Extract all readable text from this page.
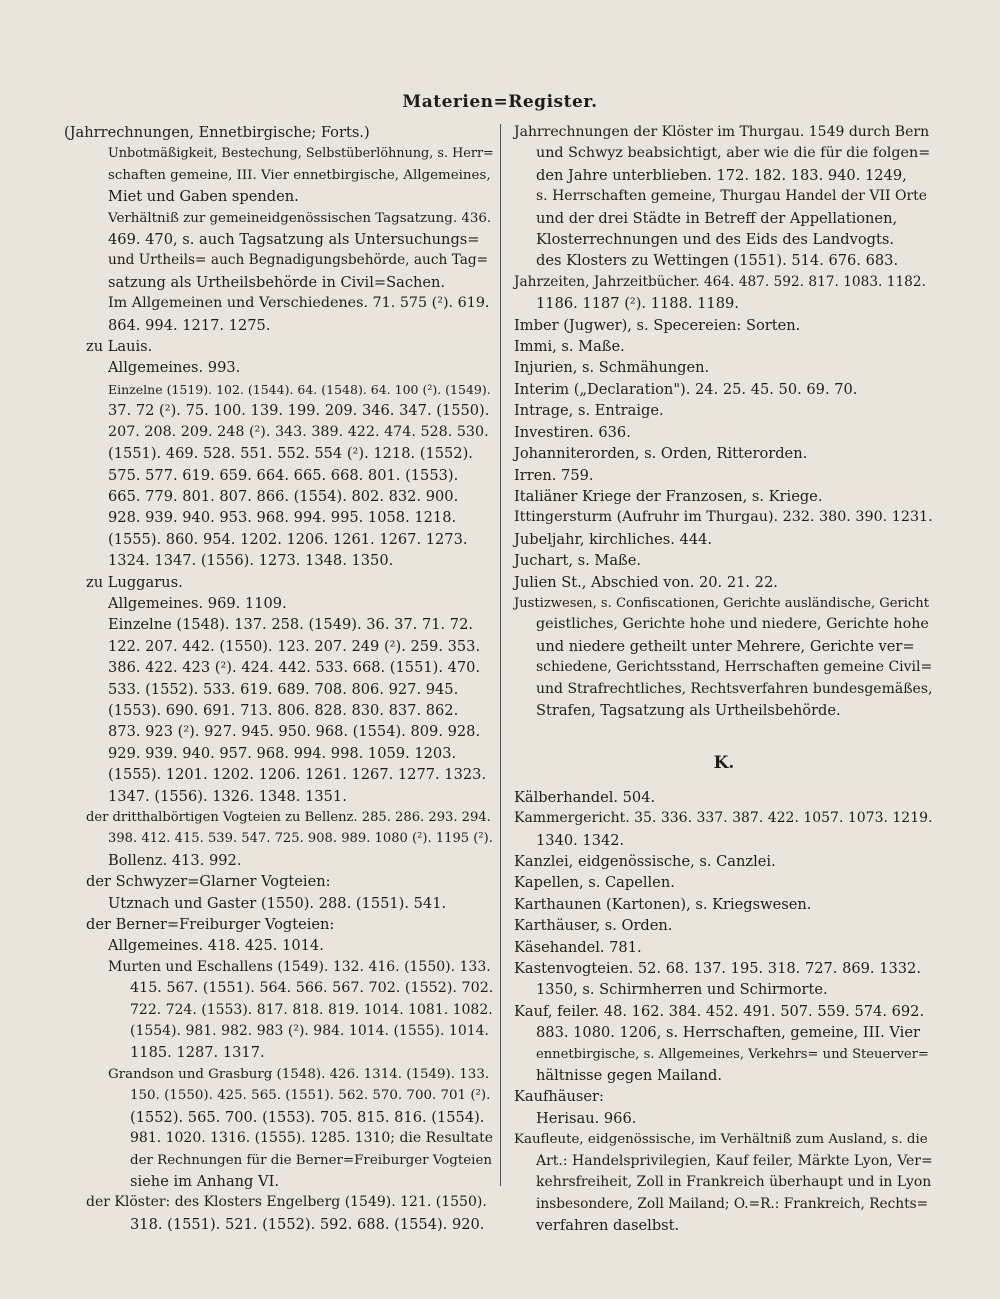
Materien=Register.
(Jahrrechnungen, Ennetbirgische; Forts.)
Unbotmäßigkeit, Bestechung, Selbstüberlöhnung, s. Herr=
schaften gemeine, III. Vier ennetbirgische, Allgemeines,
Miet und Gaben spenden.
Verhältniß zur gemeineidgenössischen Tagsatzung. 436.
469. 470, s. auch Tagsatzung als Untersuchungs=
und Urtheils= auch Begnadigungsbehörde, auch Tag=
satzung als Urtheilsbehörde in Civil=Sachen.
Im Allgemeinen und Verschiedenes. 71. 575 (²). 619.
864. 994. 1217. 1275.
zu Lauis.
Allgemeines. 993.
Einzelne (1519). 102. (1544). 64. (1548). 64. 100 (²). (1549).
37. 72 (²). 75. 100. 139. 199. 209. 346. 347. (1550).
207. 208. 209. 248 (²). 343. 389. 422. 474. 528. 530.
(1551). 469. 528. 551. 552. 554 (²). 1218. (1552).
575. 577. 619. 659. 664. 665. 668. 801. (1553).
665. 779. 801. 807. 866. (1554). 802. 832. 900.
928. 939. 940. 953. 968. 994. 995. 1058. 1218.
(1555). 860. 954. 1202. 1206. 1261. 1267. 1273.
1324. 1347. (1556). 1273. 1348. 1350.
zu Luggarus.
Allgemeines. 969. 1109.
Einzelne (1548). 137. 258. (1549). 36. 37. 71. 72.
122. 207. 442. (1550). 123. 207. 249 (²). 259. 353.
386. 422. 423 (²). 424. 442. 533. 668. (1551). 470.
533. (1552). 533. 619. 689. 708. 806. 927. 945.
(1553). 690. 691. 713. 806. 828. 830. 837. 862.
873. 923 (²). 927. 945. 950. 968. (1554). 809. 928.
929. 939. 940. 957. 968. 994. 998. 1059. 1203.
(1555). 1201. 1202. 1206. 1261. 1267. 1277. 1323.
1347. (1556). 1326. 1348. 1351.
der dritthalbörtigen Vogteien zu Bellenz. 285. 286. 293. 294.
398. 412. 415. 539. 547. 725. 908. 989. 1080 (²). 1195 (²).
Bollenz. 413. 992.
der Schwyzer=Glarner Vogteien:
Utznach und Gaster (1550). 288. (1551). 541.
der Berner=Freiburger Vogteien:
Allgemeines. 418. 425. 1014.
Murten und Eschallens (1549). 132. 416. (1550). 133.
415. 567. (1551). 564. 566. 567. 702. (1552). 702.
722. 724. (1553). 817. 818. 819. 1014. 1081. 1082.
(1554). 981. 982. 983 (²). 984. 1014. (1555). 1014.
1185. 1287. 1317.
Grandson und Grasburg (1548). 426. 1314. (1549). 133.
150. (1550). 425. 565. (1551). 562. 570. 700. 701 (²).
(1552). 565. 700. (1553). 705. 815. 816. (1554).
981. 1020. 1316. (1555). 1285. 1310; die Resultate
der Rechnungen für die Berner=Freiburger Vogteien
siehe im Anhang VI.
der Klöster: des Klosters Engelberg (1549). 121. (1550).
318. (1551). 521. (1552). 592. 688. (1554). 920.
Jahrrechnungen der Klöster im Thurgau. 1549 durch Bern
und Schwyz beabsichtigt, aber wie die für die folgen=
den Jahre unterblieben. 172. 182. 183. 940. 1249,
s. Herrschaften gemeine, Thurgau Handel der VII Orte
und der drei Städte in Betreff der Appellationen,
Klosterrechnungen und des Eids des Landvogts.
des Klosters zu Wettingen (1551). 514. 676. 683.
Jahrzeiten, Jahrzeitbücher. 464. 487. 592. 817. 1083. 1182.
1186. 1187 (²). 1188. 1189.
Imber (Jugwer), s. Specereien: Sorten.
Immi, s. Maße.
Injurien, s. Schmähungen.
Interim („Declaration"). 24. 25. 45. 50. 69. 70.
Intrage, s. Entraige.
Investiren. 636.
Johanniterorden, s. Orden, Ritterorden.
Irren. 759.
Italiäner Kriege der Franzosen, s. Kriege.
Ittingersturm (Aufruhr im Thurgau). 232. 380. 390. 1231.
Jubeljahr, kirchliches. 444.
Juchart, s. Maße.
Julien St., Abschied von. 20. 21. 22.
Justizwesen, s. Confiscationen, Gerichte ausländische, Gericht
geistliches, Gerichte hohe und niedere, Gerichte hohe
und niedere getheilt unter Mehrere, Gerichte ver=
schiedene, Gerichtsstand, Herrschaften gemeine Civil=
und Strafrechtliches, Rechtsverfahren bundesgemäßes,
Strafen, Tagsatzung als Urtheilsbehörde.
K.
Kälberhandel. 504.
Kammergericht. 35. 336. 337. 387. 422. 1057. 1073. 1219.
1340. 1342.
Kanzlei, eidgenössische, s. Canzlei.
Kapellen, s. Capellen.
Karthaunen (Kartonen), s. Kriegswesen.
Karthäuser, s. Orden.
Käsehandel. 781.
Kastenvogteien. 52. 68. 137. 195. 318. 727. 869. 1332.
1350, s. Schirmherren und Schirmorte.
Kauf, feiler. 48. 162. 384. 452. 491. 507. 559. 574. 692.
883. 1080. 1206, s. Herrschaften, gemeine, III. Vier
ennetbirgische, s. Allgemeines, Verkehrs= und Steuerver=
hältnisse gegen Mailand.
Kaufhäuser:
Herisau. 966.
Kaufleute, eidgenössische, im Verhältniß zum Ausland, s. die
Art.: Handelsprivilegien, Kauf feiler, Märkte Lyon, Ver=
kehrsfreiheit, Zoll in Frankreich überhaupt und in Lyon
insbesondere, Zoll Mailand; O.=R.: Frankreich, Rechts=
verfahren daselbst.
